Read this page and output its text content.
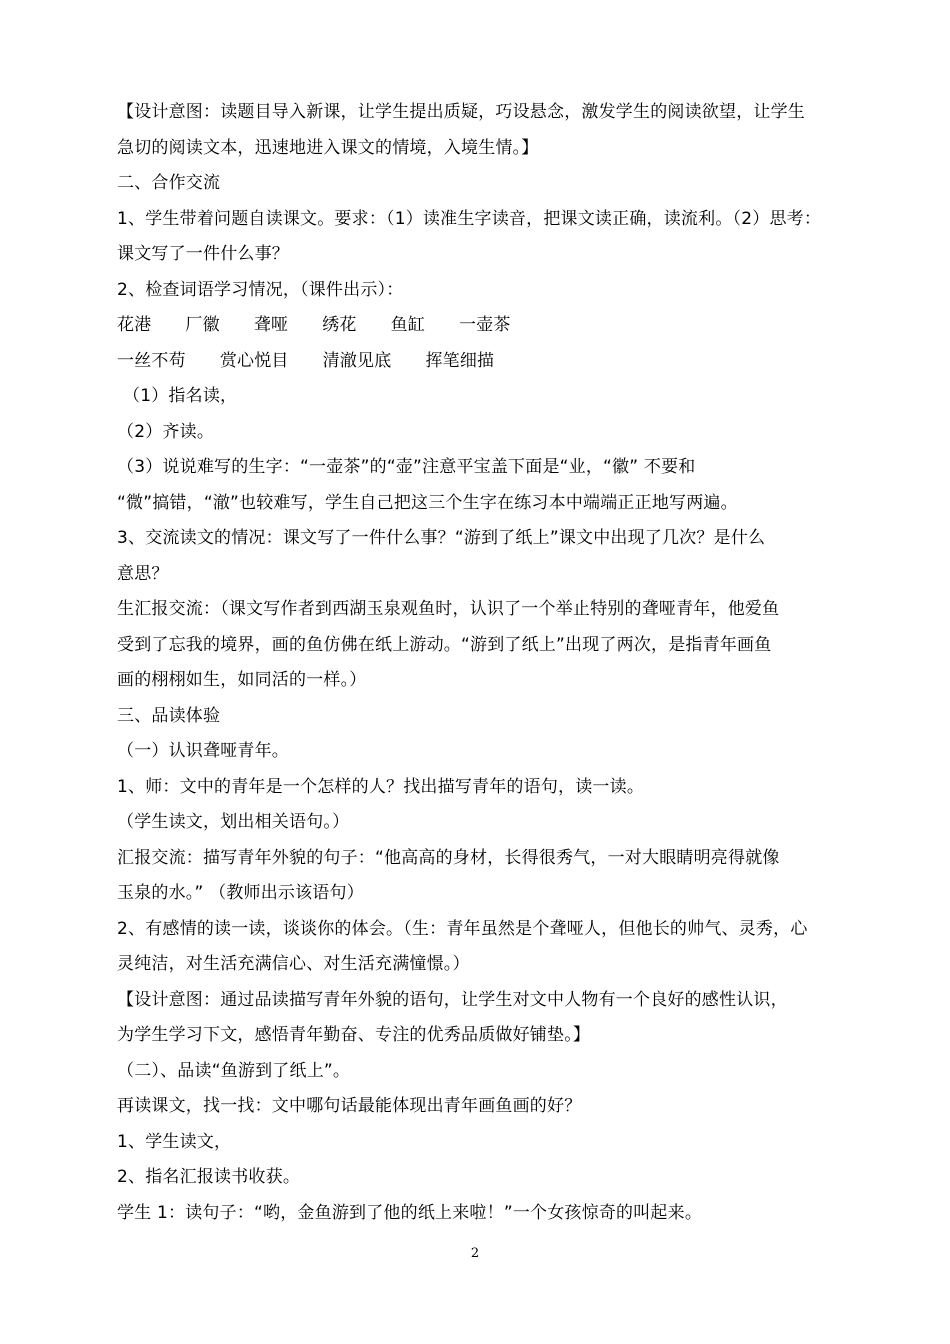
【设计意图：读题目导入新课，让学生提出质疑，巧设悬念，激发学生的阅读欲望，让学生
急切的阅读文本，迅速地进入课文的情境，入境生情。】
二、合作交流
1、学生带着问题自读课文。要求：（1）读准生字读音，把课文读正确，读流利。（2）思考：
课文写了一件什么事？
2、检查词语学习情况，（课件出示）：
花港 厂徽 聋哑 绣花 鱼缸 一壶茶
一丝不苟 赏心悦目 清澈见底 挥笔细描
（1）指名读，
（2）齐读。
（3）说说难写的生字：“一壶茶”的“壶”注意平宝盖下面是“业，“徽” 不要和
“微”搞错，“澈”也较难写，学生自己把这三个生字在练习本中端端正正地写两遍。
3、交流读文的情况：课文写了一件什么事？“游到了纸上”课文中出现了几次？是什么
意思？
生汇报交流：（课文写作者到西湖玉泉观鱼时，认识了一个举止特别的聋哑青年，他爱鱼
受到了忘我的境界，画的鱼仿佛在纸上游动。“游到了纸上”出现了两次，是指青年画鱼
画的栩栩如生，如同活的一样。）
三、品读体验
（一）认识聋哑青年。
1、师：文中的青年是一个怎样的人？找出描写青年的语句，读一读。
（学生读文，划出相关语句。）
汇报交流：描写青年外貌的句子：“他高高的身材，长得很秀气，一对大眼睛明亮得就像
玉泉的水。” （教师出示该语句）
2、有感情的读一读，谈谈你的体会。（生：青年虽然是个聋哑人，但他长的帅气、灵秀，心
灵纯洁，对生活充满信心、对生活充满憧憬。）
【设计意图：通过品读描写青年外貌的语句，让学生对文中人物有一个良好的感性认识，
为学生学习下文，感悟青年勤奋、专注的优秀品质做好铺垫。】
（二）、品读“鱼游到了纸上”。
再读课文，找一找：文中哪句话最能体现出青年画鱼画的好？
1、学生读文，
2、指名汇报读书收获。
学生 1：读句子：“哟，金鱼游到了他的纸上来啦！”一个女孩惊奇的叫起来。
2
